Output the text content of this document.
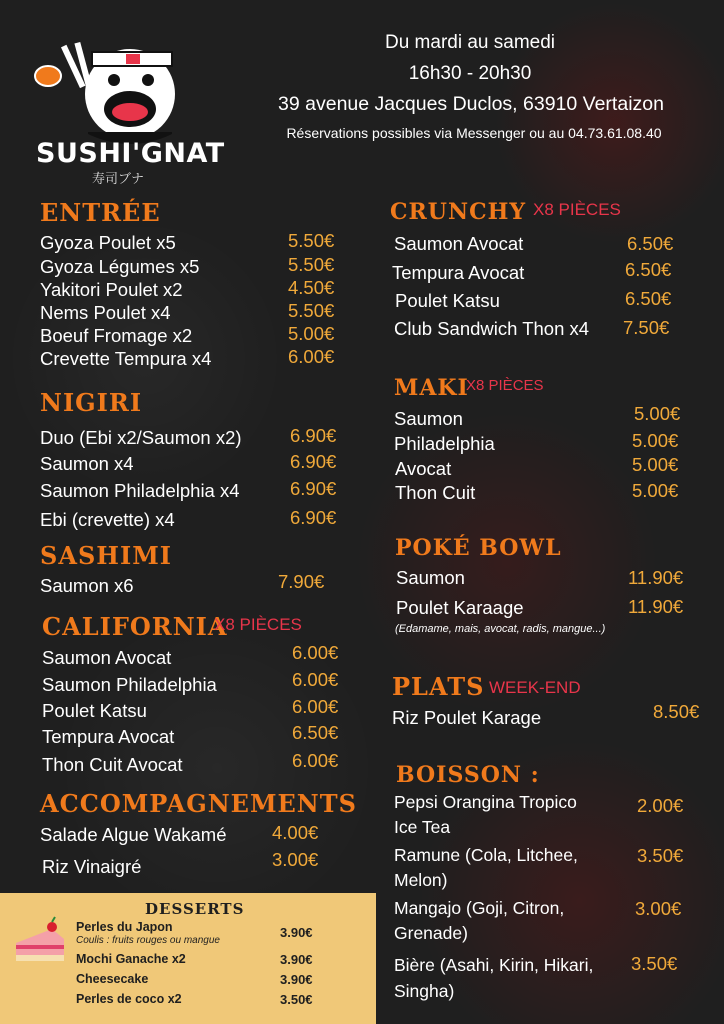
SUSHI'GNAT
寿司ブナ
Du mardi au samedi
16h30 - 20h30
39 avenue Jacques Duclos, 63910 Vertaizon
Réservations possibles via Messenger ou au 04.73.61.08.40
ENTRÉE
Gyoza Poulet x5	5.50€
Gyoza Légumes x5	5.50€
Yakitori Poulet x2	4.50€
Nems Poulet x4	5.50€
Boeuf Fromage x2	5.00€
Crevette Tempura x4	6.00€
NIGIRI
Duo (Ebi x2/Saumon x2)	6.90€
Saumon x4	6.90€
Saumon Philadelphia x4	6.90€
Ebi (crevette) x4	6.90€
SASHIMI
Saumon x6	7.90€
CALIFORNIA
X8 PIÈCES
Saumon Avocat	6.00€
Saumon Philadelphia	6.00€
Poulet Katsu	6.00€
Tempura Avocat	6.50€
Thon Cuit Avocat	6.00€
ACCOMPAGNEMENTS
Salade Algue Wakamé 4.00€
Riz Vinaigré	3.00€
CRUNCHY X8 PIÈCES
Saumon Avocat	6.50€
Tempura Avocat	6.50€
Poulet Katsu	6.50€
Club Sandwich Thon x4 7.50€
MAKI
X8 PIÈCES
Saumon	5.00€
Philadelphia	5.00€
Avocat	5.00€
Thon Cuit	5.00€
POKÉ BOWL
Saumon	11.90€
Poulet Karaage	11.90€
(Edamame, mais, avocat, radis, mangue...)
PLATS WEEK-END
Riz Poulet Karage	8.50€
BOISSON :
Pepsi Orangina Tropico
Ice Tea
2.00€
Ramune (Cola, Litchee,
Melon)
3.50€
Mangajo (Goji, Citron,
Grenade)
3.00€
Bière (Asahi, Kirin, Hikari,
Singha)
3.50€
DESSERTS
Perles du Japon
Coulis : fruits rouges ou mangue
3.90€
Mochi Ganache x2	3.90€
Cheesecake	3.90€
Perles de coco x2	3.50€
